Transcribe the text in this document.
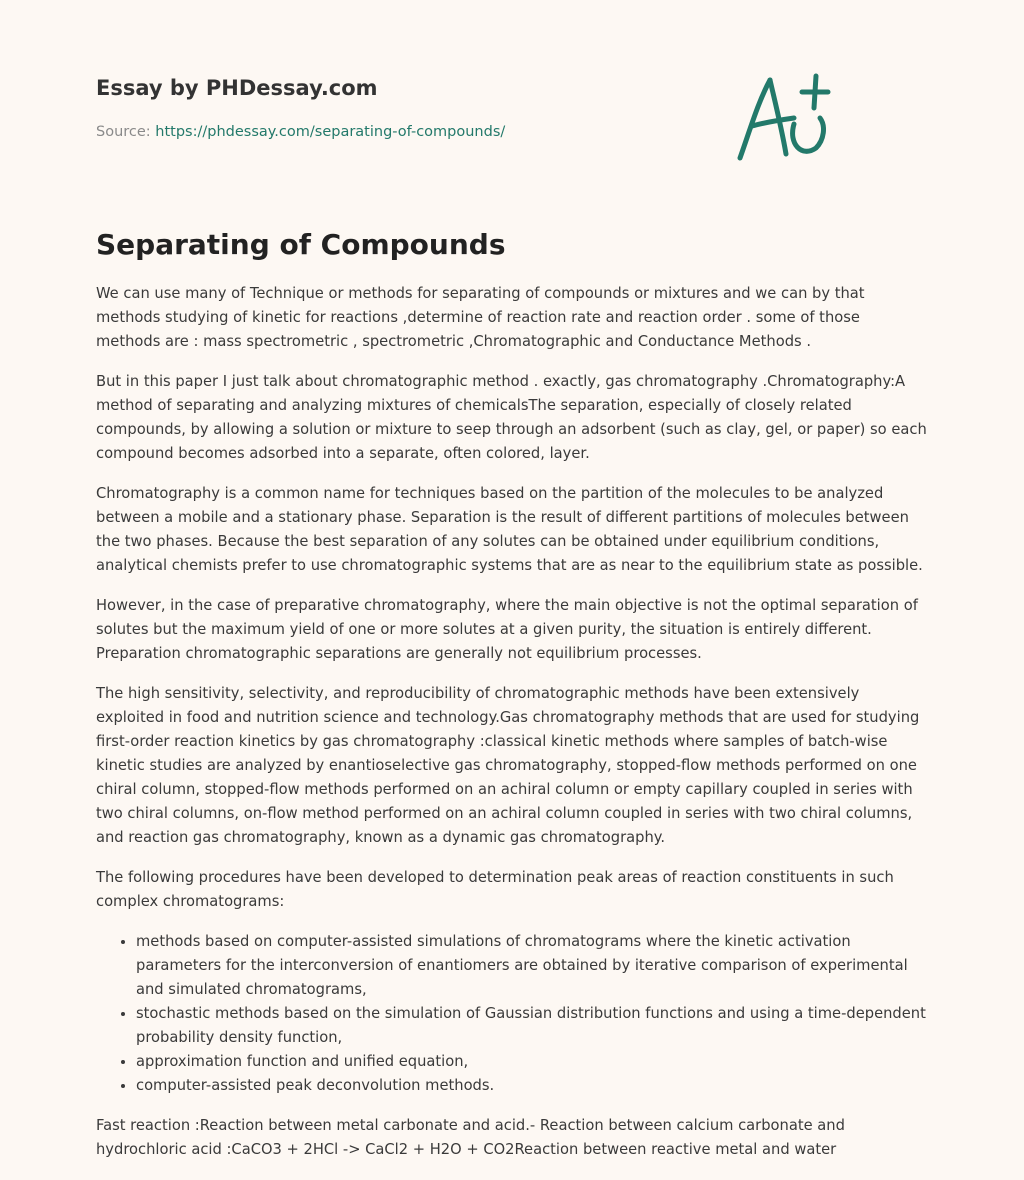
Essay by PHDessay.com

Source: https://phdessay.com/separating-of-compounds/

Separating of Compounds

We can use many of Technique or methods for separating of compounds or mixtures and we can by that methods studying of kinetic for reactions ,determine of reaction rate and reaction order . some of those methods are : mass spectrometric , spectrometric ,Chromatographic and Conductance Methods .

But in this paper I just talk about chromatographic method . exactly, gas chromatography .Chromatography:A method of separating and analyzing mixtures of chemicalsThe separation, especially of closely related compounds, by allowing a solution or mixture to seep through an adsorbent (such as clay, gel, or paper) so each compound becomes adsorbed into a separate, often colored, layer.

Chromatography is a common name for techniques based on the partition of the molecules to be analyzed between a mobile and a stationary phase. Separation is the result of different partitions of molecules between the two phases. Because the best separation of any solutes can be obtained under equilibrium conditions, analytical chemists prefer to use chromatographic systems that are as near to the equilibrium state as possible.

However, in the case of preparative chromatography, where the main objective is not the optimal separation of solutes but the maximum yield of one or more solutes at a given purity, the situation is entirely different. Preparation chromatographic separations are generally not equilibrium processes.

The high sensitivity, selectivity, and reproducibility of chromatographic methods have been extensively exploited in food and nutrition science and technology.Gas chromatography methods that are used for studying first-order reaction kinetics by gas chromatography :classical kinetic methods where samples of batch-wise kinetic studies are analyzed by enantioselective gas chromatography, stopped-flow methods performed on one chiral column, stopped-flow methods performed on an achiral column or empty capillary coupled in series with two chiral columns, on-flow method performed on an achiral column coupled in series with two chiral columns, and reaction gas chromatography, known as a dynamic gas chromatography.

The following procedures have been developed to determination peak areas of reaction constituents in such complex chromatograms:

• methods based on computer-assisted simulations of chromatograms where the kinetic activation parameters for the interconversion of enantiomers are obtained by iterative comparison of experimental and simulated chromatograms,
• stochastic methods based on the simulation of Gaussian distribution functions and using a time-dependent probability density function,
• approximation function and unified equation,
• computer-assisted peak deconvolution methods.

Fast reaction :Reaction between metal carbonate and acid.- Reaction between calcium carbonate and hydrochloric acid :CaCO3 + 2HCl -> CaCl2 + H2O + CO2Reaction between reactive metal and water
